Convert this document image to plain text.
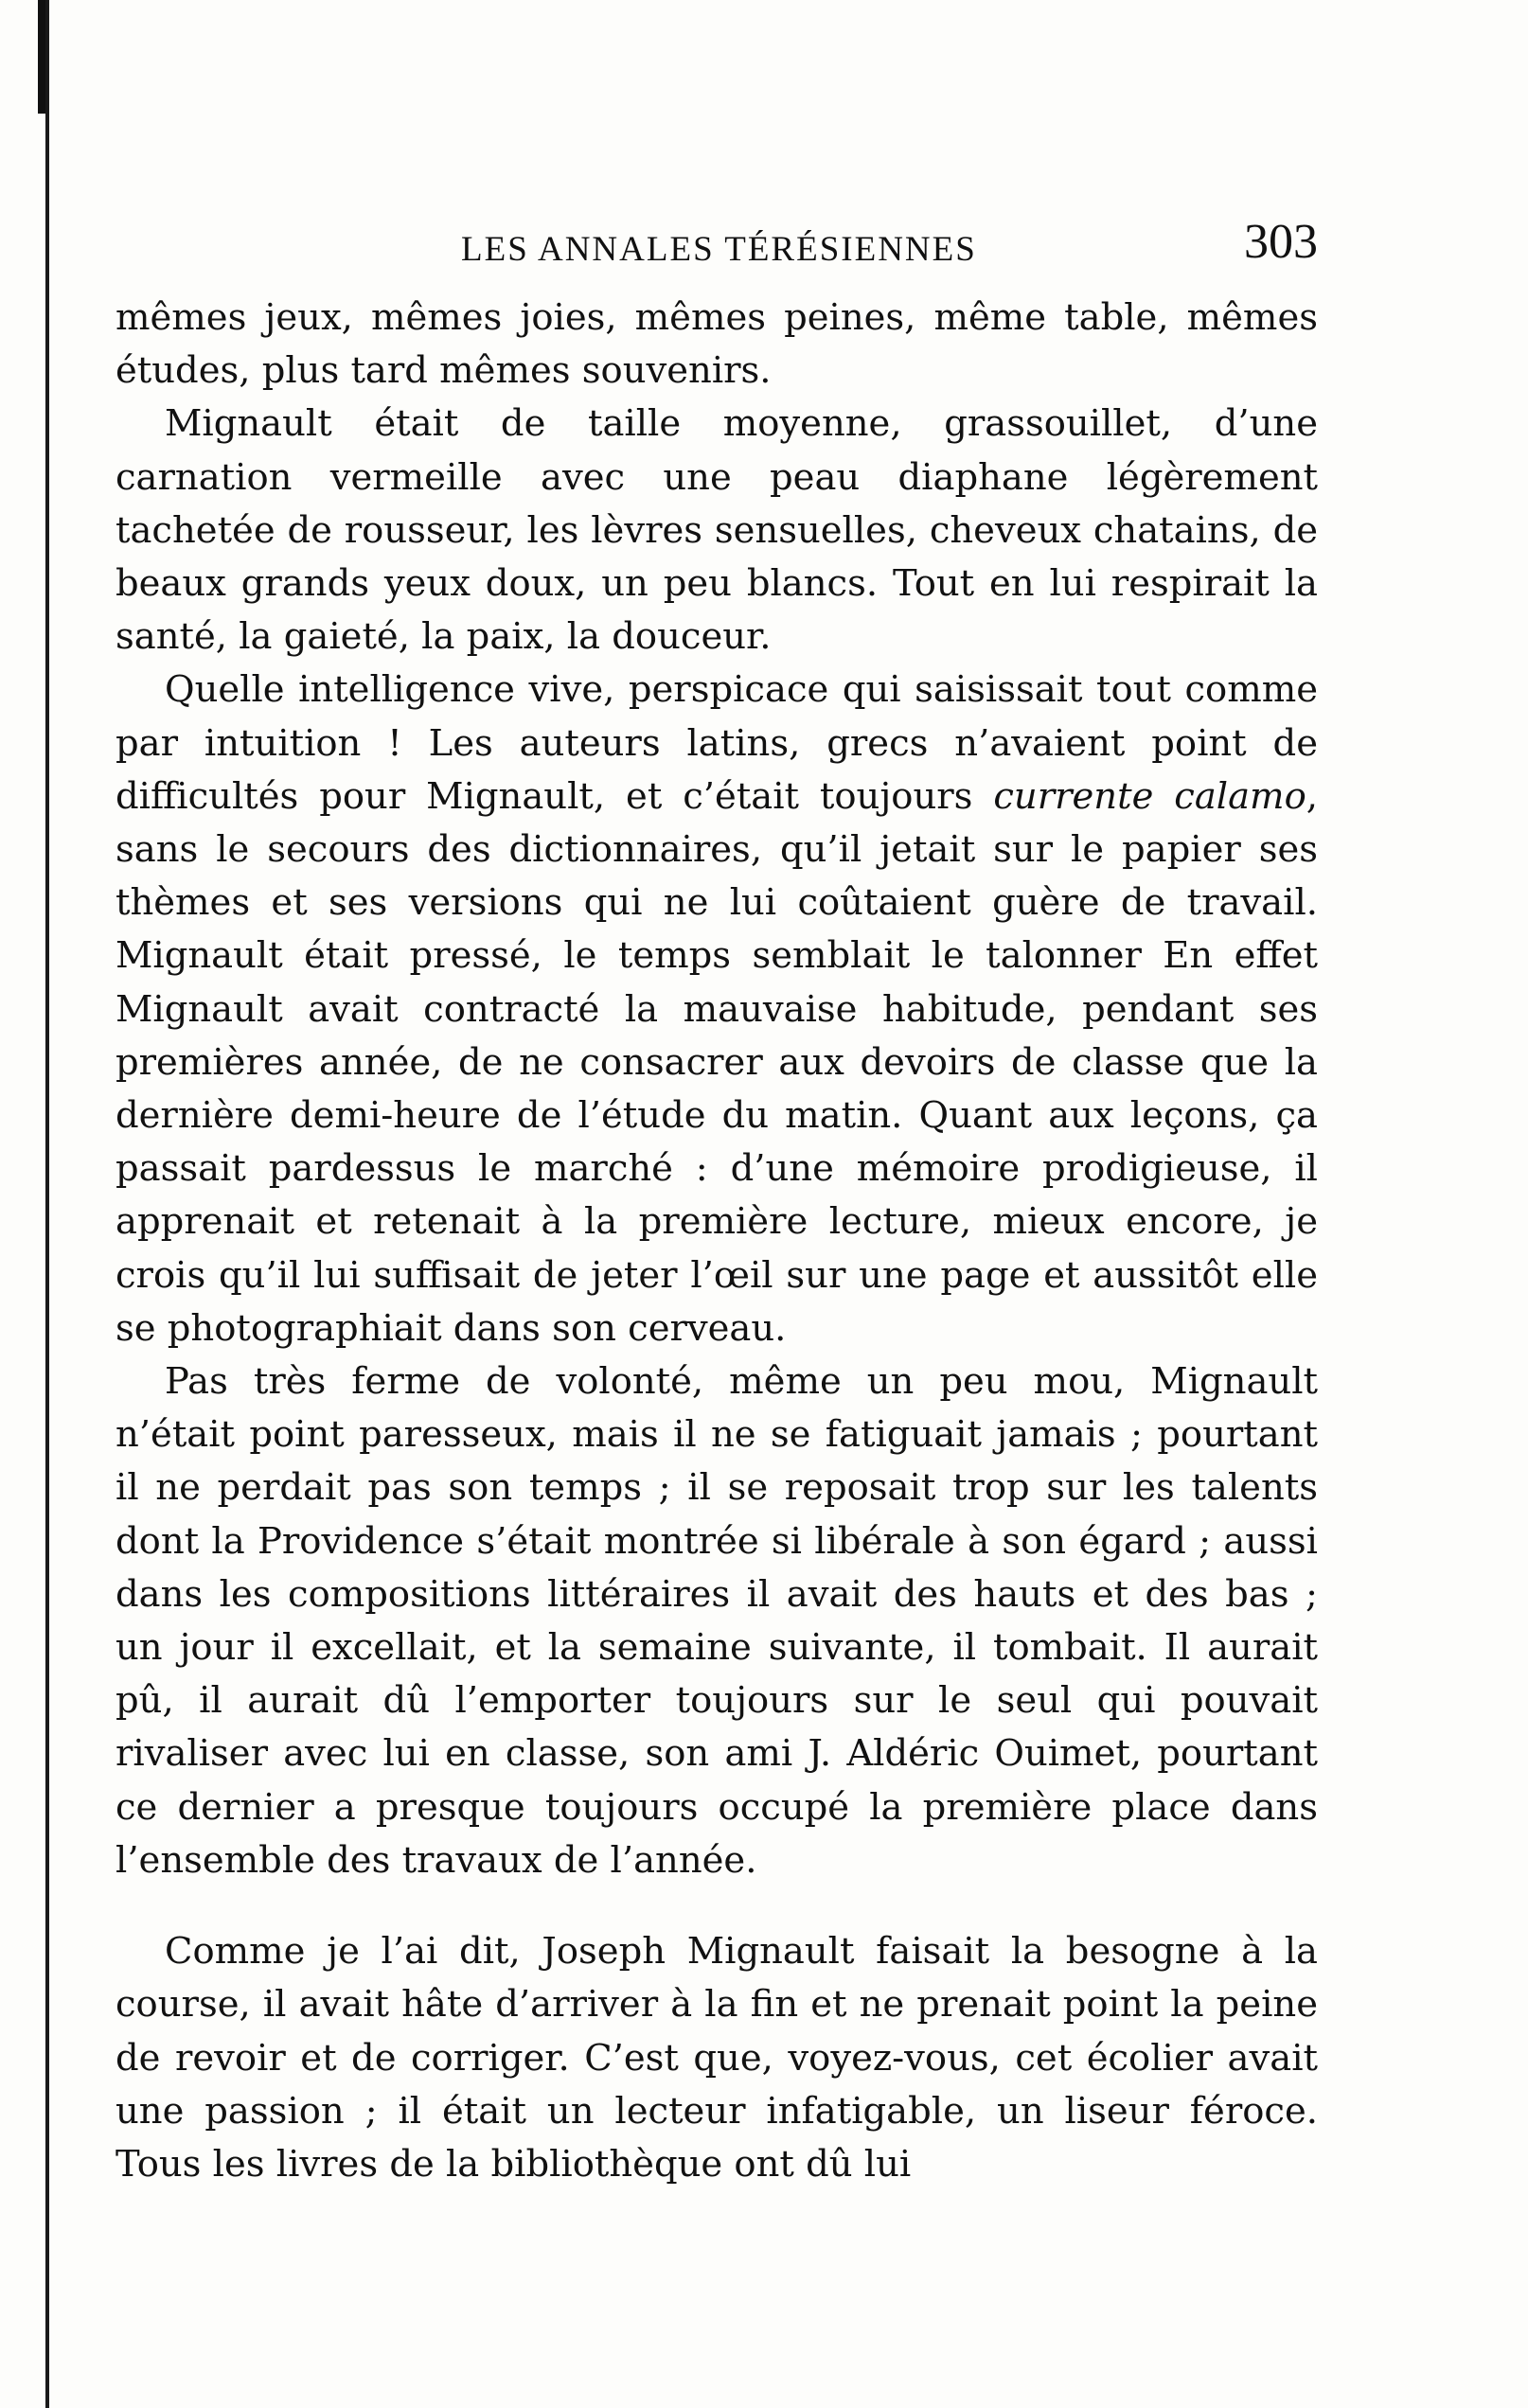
LES ANNALES TÉRÉSIENNES	303

mêmes jeux, mêmes joies, mêmes peines, même table, mêmes études, plus tard mêmes souvenirs.

Mignault était de taille moyenne, grassouillet, d’une carnation vermeille avec une peau diaphane légèrement tachetée de rousseur, les lèvres sensuelles, cheveux chatains, de beaux grands yeux doux, un peu blancs. Tout en lui respirait la santé, la gaieté, la paix, la douceur.

Quelle intelligence vive, perspicace qui saisissait tout comme par intuition ! Les auteurs latins, grecs n’avaient point de difficultés pour Mignault, et c’était toujours currente calamo, sans le secours des dictionnaires, qu’il jetait sur le papier ses thèmes et ses versions qui ne lui coûtaient guère de travail. Mignault était pressé, le temps semblait le talonner En effet Mignault avait contracté la mauvaise habitude, pendant ses premières année, de ne consacrer aux devoirs de classe que la dernière demi-heure de l’étude du matin. Quant aux leçons, ça passait pardessus le marché : d’une mémoire prodigieuse, il apprenait et retenait à la première lecture, mieux encore, je crois qu’il lui suffisait de jeter l’œil sur une page et aussitôt elle se photographiait dans son cerveau.

Pas très ferme de volonté, même un peu mou, Mignault n’était point paresseux, mais il ne se fatiguait jamais ; pourtant il ne perdait pas son temps ; il se reposait trop sur les talents dont la Providence s’était montrée si libérale à son égard ; aussi dans les compositions littéraires il avait des hauts et des bas ; un jour il excellait, et la semaine suivante, il tombait. Il aurait pû, il aurait dû l’emporter toujours sur le seul qui pouvait rivaliser avec lui en classe, son ami J. Aldéric Ouimet, pourtant ce dernier a presque toujours occupé la première place dans l’ensemble des travaux de l’année.

Comme je l’ai dit, Joseph Mignault faisait la besogne à la course, il avait hâte d’arriver à la fin et ne prenait point la peine de revoir et de corriger. C’est que, voyez-vous, cet écolier avait une passion ; il était un lecteur infatigable, un liseur féroce. Tous les livres de la bibliothèque ont dû lui
